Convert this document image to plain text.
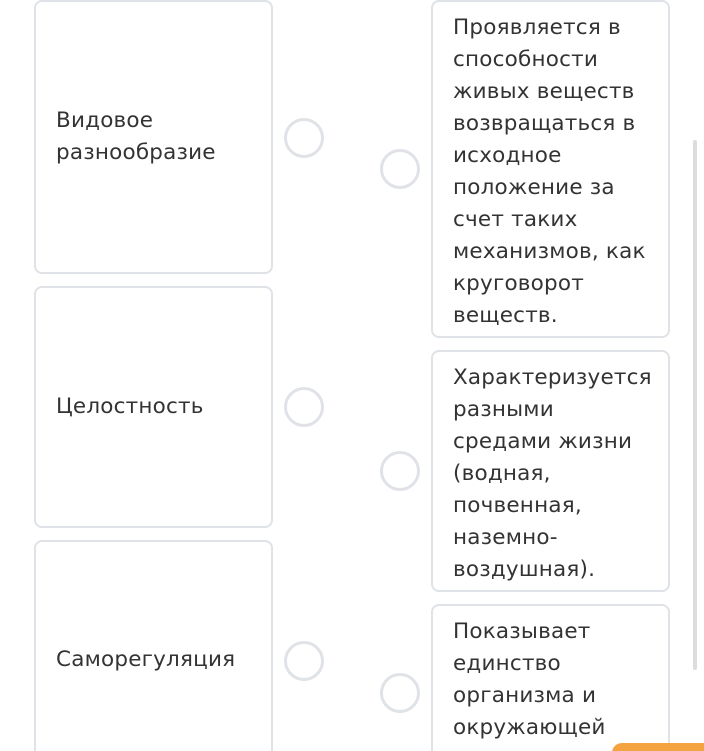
Видовое разнообразие
Целостность
Саморегуляция
Проявляется в способности живых веществ возвращаться в исходное положение за счет таких механизмов, как круговорот веществ.
Характеризуется разными средами жизни (водная, почвенная, наземно-воздушная).
Показывает единство организма и окружающей
